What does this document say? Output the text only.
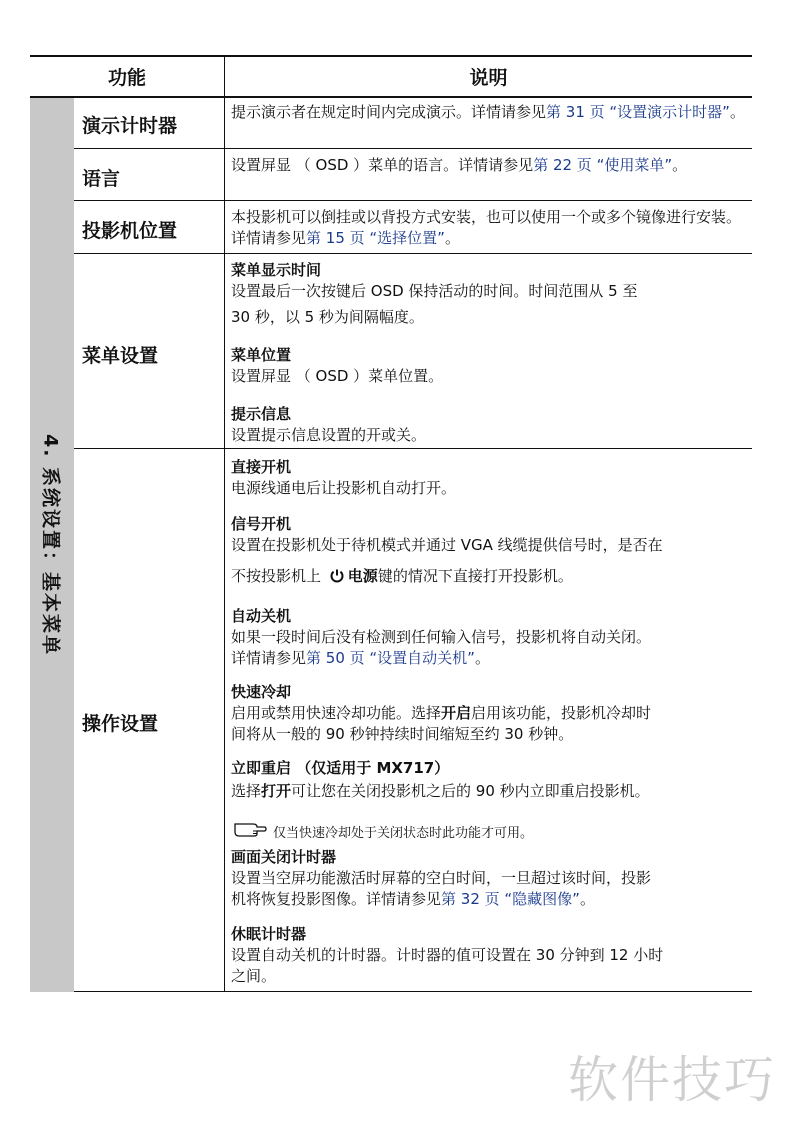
功能	说明
4. 系统设置：基本菜单
演示计时器
语言
投影机位置
菜单设置
操作设置
提示演示者在规定时间内完成演示。详情请参见第 31 页 “设置演示计时器”。
设置屏显 （ OSD ）菜单的语言。详情请参见第 22 页 “使用菜单”。
本投影机可以倒挂或以背投方式安装，也可以使用一个或多个镜像进行安装。详情请参见第 15 页 “选择位置”。
菜单显示时间
设置最后一次按键后 OSD 保持活动的时间。时间范围从 5 至
30 秒，以 5 秒为间隔幅度。
菜单位置
设置屏显 （ OSD ）菜单位置。
提示信息
设置提示信息设置的开或关。
直接开机
电源线通电后让投影机自动打开。
信号开机
设置在投影机处于待机模式并通过 VGA 线缆提供信号时，是否在
不按投影机上 电源键的情况下直接打开投影机。
自动关机
如果一段时间后没有检测到任何输入信号，投影机将自动关闭。
详情请参见第 50 页 “设置自动关机”。
快速冷却
启用或禁用快速冷却功能。选择开启启用该功能，投影机冷却时
间将从一般的 90 秒钟持续时间缩短至约 30 秒钟。
立即重启 （仅适用于 MX717）
选择打开可让您在关闭投影机之后的 90 秒内立即重启投影机。
仅当快速冷却处于关闭状态时此功能才可用。
画面关闭计时器
设置当空屏功能激活时屏幕的空白时间，一旦超过该时间，投影
机将恢复投影图像。详情请参见第 32 页 “隐藏图像”。
休眠计时器
设置自动关机的计时器。计时器的值可设置在 30 分钟到 12 小时
之间。
软件技巧
